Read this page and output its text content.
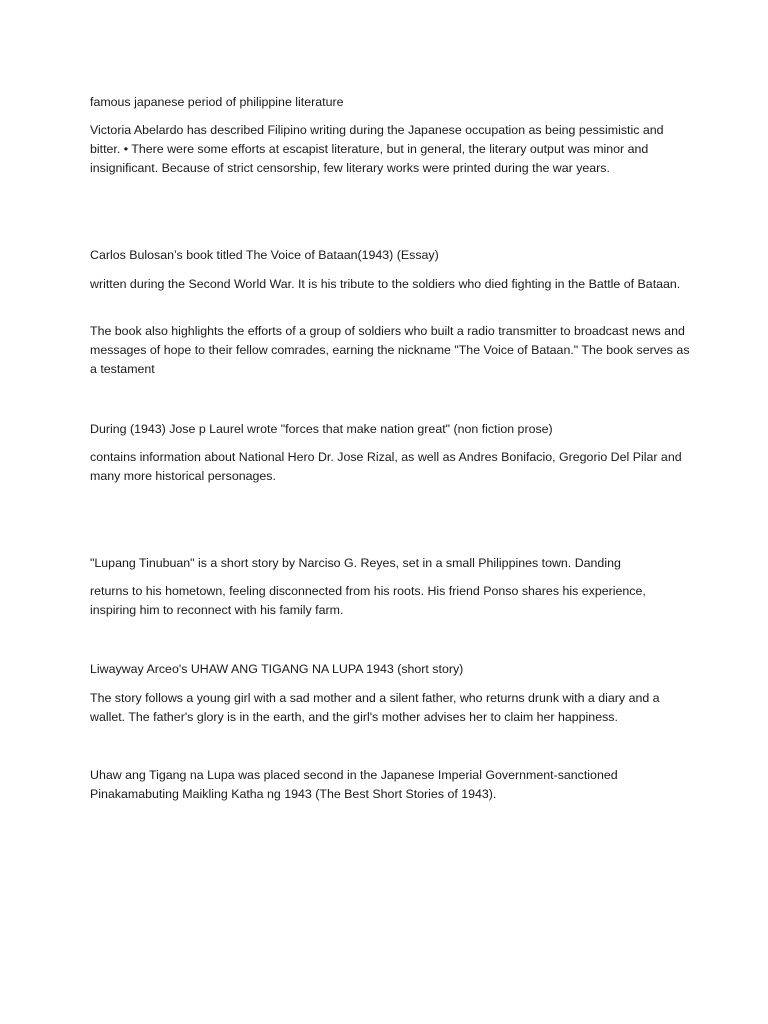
famous japanese period of philippine literature

Victoria Abelardo has described Filipino writing during the Japanese occupation as being pessimistic and bitter. • There were some efforts at escapist literature, but in general, the literary output was minor and insignificant. Because of strict censorship, few literary works were printed during the war years.

Carlos Bulosan’s book titled The Voice of Bataan(1943) (Essay)

written during the Second World War. It is his tribute to the soldiers who died fighting in the Battle of Bataan.

The book also highlights the efforts of a group of soldiers who built a radio transmitter to broadcast news and messages of hope to their fellow comrades, earning the nickname "The Voice of Bataan." The book serves as a testament

During (1943) Jose p Laurel wrote "forces that make nation great" (non fiction prose)

contains information about National Hero Dr. Jose Rizal, as well as Andres Bonifacio, Gregorio Del Pilar and many more historical personages.

"Lupang Tinubuan" is a short story by Narciso G. Reyes, set in a small Philippines town. Danding

returns to his hometown, feeling disconnected from his roots. His friend Ponso shares his experience, inspiring him to reconnect with his family farm.

Liwayway Arceo's UHAW ANG TIGANG NA LUPA 1943 (short story)

The story follows a young girl with a sad mother and a silent father, who returns drunk with a diary and a wallet. The father's glory is in the earth, and the girl's mother advises her to claim her happiness.

Uhaw ang Tigang na Lupa was placed second in the Japanese Imperial Government-sanctioned Pinakamabuting Maikling Katha ng 1943 (The Best Short Stories of 1943).
